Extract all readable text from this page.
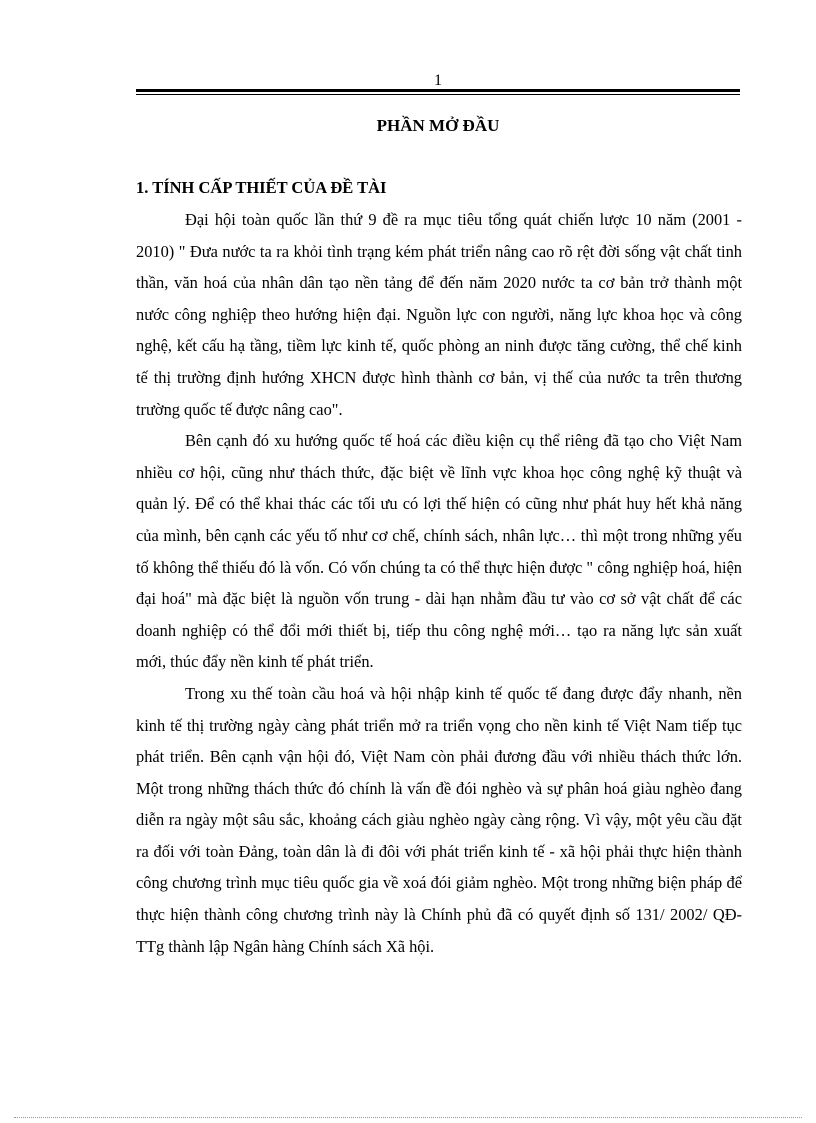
1
PHẦN MỞ ĐẦU
1. TÍNH CẤP THIẾT CỦA ĐỀ TÀI

Đại hội toàn quốc lần thứ 9 đề ra mục tiêu tổng quát chiến lược 10 năm (2001 - 2010) " Đưa nước ta ra khỏi tình trạng kém phát triển nâng cao rõ rệt đời sống vật chất tinh thần, văn hoá của nhân dân tạo nền tảng để đến năm 2020 nước ta cơ bản trở thành một nước công nghiệp theo hướng hiện đại. Nguồn lực con người, năng lực khoa học và công nghệ, kết cấu hạ tầng, tiềm lực kinh tế, quốc phòng an ninh được tăng cường, thể chế kinh tế thị trường định hướng XHCN được hình thành cơ bản, vị thế của nước ta trên thương trường quốc tế được nâng cao".

Bên cạnh đó xu hướng quốc tế hoá các điều kiện cụ thể riêng đã tạo cho Việt Nam nhiều cơ hội, cũng như thách thức, đặc biệt về lĩnh vực khoa học công nghệ kỹ thuật và quản lý. Để có thể khai thác các tối ưu có lợi thế hiện có cũng như phát huy hết khả năng của mình, bên cạnh các yếu tố như cơ chế, chính sách, nhân lực… thì một trong những yếu tố không thể thiếu đó là vốn. Có vốn chúng ta có thể thực hiện được " công nghiệp hoá, hiện đại hoá" mà đặc biệt là nguồn vốn trung - dài hạn nhằm đầu tư vào cơ sở vật chất để các doanh nghiệp có thể đổi mới thiết bị, tiếp thu công nghệ mới… tạo ra năng lực sản xuất mới, thúc đẩy nền kinh tế phát triển.

Trong xu thế toàn cầu hoá và hội nhập kinh tế quốc tế đang được đẩy nhanh, nền kinh tế thị trường ngày càng phát triển mở ra triển vọng cho nền kinh tế Việt Nam tiếp tục phát triển. Bên cạnh vận hội đó, Việt Nam còn phải đương đầu với nhiều thách thức lớn. Một trong những thách thức đó chính là vấn đề đói nghèo và sự phân hoá giàu nghèo đang diễn ra ngày một sâu sắc, khoảng cách giàu nghèo ngày càng rộng. Vì vậy, một yêu cầu đặt ra đối với toàn Đảng, toàn dân là đi đôi với phát triển kinh tế - xã hội phải thực hiện thành công chương trình mục tiêu quốc gia về xoá đói giảm nghèo. Một trong những biện pháp để thực hiện thành công chương trình này là Chính phủ đã có quyết định số 131/ 2002/ QĐ-TTg thành lập Ngân hàng Chính sách Xã hội.
